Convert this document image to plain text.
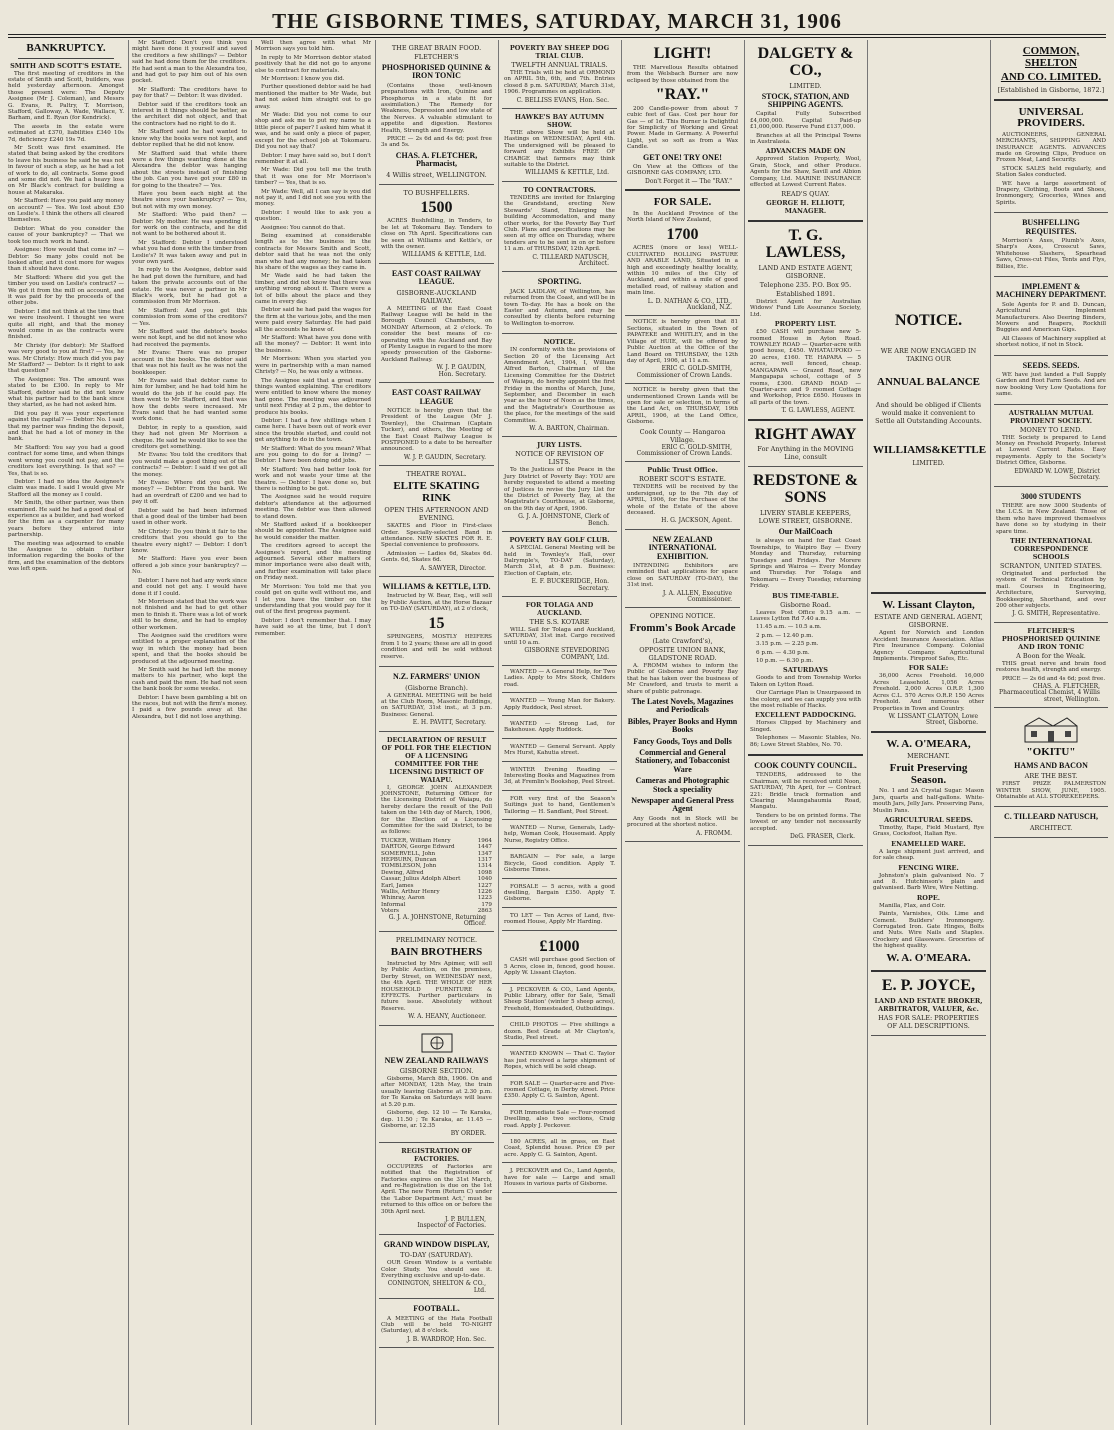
THE GISBORNE TIMES, SATURDAY, MARCH 31, 1906
BANKRUPTCY.
SMITH AND SCOTT'S ESTATE.

The first meeting of creditors in the estate of Smith and Scott, builders, was held yesterday afternoon. Amongst those present were: The Deputy Assignee (Mr J. Coleman), and Messrs G. Evans, R. Paltry, T. Morrison, Stafford, Galloway, A. Wade, Wallace, Y. Barham, and E. Ryan (for Kendrick).

The assets in the estate were estimated at £370, liabilities £340 10s 7d, deficiency £240 19s 7d.

Mr Scott was first examined. He stated that being asked by the creditors to leave his business he said he was not in favour of such a step, as he had a lot of work to do, all contracts. Some good and some did not. We had a heavy loss on Mr Black's contract for building a house at Makaraka.

Mr Stafford: Have you paid any money on account? — Yes. We lost about £50 on Leslie's. I think the others all cleared themselves.

Debtor: What do you consider the cause of your bankruptcy? — That we took too much work in hand.

Assignee: How would that come in? — Debtor: So many jobs could not be looked after, and it cost more for wages than it should have done.

Mr Stafford: Where did you get the timber you used on Leslie's contract? — We got it from the mill on account, and it was paid for by the proceeds of the other jobs.

Debtor: I did not think at the time that we were insolvent. I thought we were quite all right, and that the money would come in as the contracts were finished.

Mr Christy (for debtor): Mr Stafford was very good to you at first? — Yes, he was. Mr Christy: How much did you pay Mr Stafford? — Debtor: Is it right to ask that question?

The Assignee: Yes. The amount was stated to be £300. In reply to Mr Stafford, debtor said he did not know what his partner had to the bank since they started, as he had not asked him.

Did you pay it was your experience against the capital? — Debtor: No. I said that my partner was finding the deposit, and that he had a lot of money in the bank.

Mr Stafford: You say you had a good contract for some time, and when things went wrong you could not pay, and the creditors lost everything. Is that so? — Yes, that is so.

Debtor: I had no idea the Assignee's claim was made. I said I would give Mr Stafford all the money as I could.

Mr Smith, the other partner, was then examined. He said he had a good deal of experience as a builder, and had worked for the firm as a carpenter for many years before they entered into partnership.

The meeting was adjourned to enable the Assignee to obtain further information regarding the books of the firm, and the examination of the debtors was left open.

Mr Stafford: Don't you think you might have done it yourself and saved the creditors a few shillings? — Debtor said he had done them for the creditors. He had sent a man to the Alexandra too, and had got to pay him out of his own pocket.

Mr Stafford: The creditors have to pay for that? — Debtor: It was divided.

Debtor said if the creditors took an interest in it things should be better, as the architect did not object, and that the contractors had no right to do it.

Mr Stafford said he had wanted to know why the books were not kept, and debtor replied that he did not know.

Mr Stafford said that while there were a few things wanting done at the Alexandra the debtor was hanging about the streets instead of finishing the job. Can you have got your £80 in for going to the theatre? — Yes.

Have you been each night at the theatre since your bankruptcy? — Yes, but not with my own money.

Mr Stafford: Who paid then? — Debtor: My mother. He was spending it for work on the contracts, and he did not want to be bothered about it.

Mr Stafford: Debtor I understood what you had done with the timber from Leslie's? It was taken away and put in your own yard.

In reply to the Assignee, debtor said he had put down the furniture, and had taken the private accounts out of the estate. He was never a partner in Mr Black's work, but he had got a commission from Mr Morrison.

Mr Stafford: And you got this commission from some of the creditors? — Yes.

Mr Stafford said the debtor's books were not kept, and he did not know who had received the payments.

Mr Evans: There was no proper account in the books. The debtor said that was not his fault as he was not the bookkeeper.

Mr Evans said that debtor came to him for lumber, and he had told him he would do the job if he could pay. He then went to Mr Stafford, and that was how the debts were increased. Mr Evans said that he had wanted some work done.

Debtor, in reply to a question, said they had not given Mr Morrison a cheque. He said he would like to see the creditors get something.

Mr Evans: You told the creditors that you would make a good thing out of the contracts? — Debtor: I said if we got all the money.

Mr Evans: Where did you get the money? — Debtor: From the bank. We had an overdraft of £200 and we had to pay it off.

Debtor said he had been informed that a good deal of the timber had been used in other work.

Mr Christy: Do you think it fair to the creditors that you should go to the theatre every night? — Debtor: I don't know.

Mr Stafford: Have you ever been offered a job since your bankruptcy? — No.

Debtor: I have not had any work since and could not get any. I would have done it if I could.

Mr Morrison stated that the work was not finished and he had to get other men to finish it. There was a lot of work still to be done, and he had to employ other workmen.

The Assignee said the creditors were entitled to a proper explanation of the way in which the money had been spent, and that the books should be produced at the adjourned meeting.

Mr Smith said he had left the money matters to his partner, who kept the cash and paid the men. He had not seen the bank book for some weeks.

Debtor: I have been gambling a bit on the races, but not with the firm's money. I paid a few pounds away at the Alexandra, but I did not lose anything.

Well then agree with what Mr Morrison says you told him.

In reply to Mr Morrison debtor stated positively that he did not go to anyone else to contract for materials.

Mr Morrison: I know you did.

Further questioned debtor said he had mentioned the matter to Mr Wade, but had not asked him straight out to go away.

Mr Wade: Did you not come to our shop and ask me to put my name to a little piece of paper? I asked him what it was, and he said only a piece of paper, except for the school job at Tokomaru. Did you not say that?

Debtor: I may have said so, but I don't remember it at all.

Mr Wade: Did you tell me the truth that it was one for Mr Morrison's timber? — Yes, that is so.

Mr Wade: Well, all I can say is you did not pay it, and I did not see you with the money.

Debtor: I would like to ask you a question.

Assignee: You cannot do that.

Being examined at considerable length as to the business in the contracts for Messrs Smith and Scott, debtor said that he was not the only man who had any money; he had taken his share of the wages as they came in.

Mr Wade said he had taken the timber, and did not know that there was anything wrong about it. There were a lot of bills about the place and they came in every day.

Debtor said he had paid the wages for the firm at the various jobs, and the men were paid every Saturday. He had paid all the accounts he knew of.

Mr Stafford: What have you done with all the money? — Debtor: It went into the business.

Mr Morrison: When you started you were in partnership with a man named Christy? — No, he was only a witness.

The Assignee said that a great many things wanted explaining. The creditors were entitled to know where the money had gone. The meeting was adjourned until next Friday at 2 p.m., the debtor to produce his books.

Debtor: I had a few shillings when I came here. I have been out of work ever since the trouble started, and could not get anything to do in the town.

Mr Stafford: What do you mean? What are you going to do for a living? — Debtor: I have been doing odd jobs.

Mr Stafford: You had better look for work and not waste your time at the theatre. — Debtor: I have done so, but there is nothing to be got.

The Assignee said he would require debtor's attendance at the adjourned meeting. The debtor was then allowed to stand down.

Mr Stafford asked if a bookkeeper should be appointed. The Assignee said he would consider the matter.

The creditors agreed to accept the Assignee's report, and the meeting adjourned. Several other matters of minor importance were also dealt with, and further examination will take place on Friday next.

Mr Morrison: You told me that you could get on quite well without me, and I let you have the timber on the understanding that you would pay for it out of the first progress payment.

Debtor: I don't remember that. I may have said so at the time, but I don't remember.

THE GREAT BRAIN FOOD.
FLETCHER'S
PHOSPHORISED QUININE & IRON TONIC

(Contains those well-known preparations with Iron, Quinine and Phosphorus in a state fit for assimilation.) The Remedy for Weakness, Depression and low state of the Nerves. A valuable stimulant to appetite and digestion. Restores Health, Strength and Energy.

PRICE — 2s 6d and 4s 6d; post free 3s and 5s.

CHAS. A. FLETCHER, Pharmacist,
4 Willis street, WELLINGTON.
TO BUSHFELLERS.
1500

ACRES Bushfelling, in Tenders, to be let at Tokomaru Bay. Tenders to close on 7th April. Specifications can be seen at Williams and Kettle's, or with the owner.

WILLIAMS & KETTLE, Ltd.
EAST COAST RAILWAY LEAGUE.
GISBORNE-AUCKLAND RAILWAY.

A MEETING of the East Coast Railway League will be held in the Borough Council Chambers, on MONDAY Afternoon, at 2 o'clock. To consider the best means of co-operating with the Auckland and Bay of Plenty League in regard to the more speedy prosecution of the Gisborne-Auckland Railway.

W. J. P. GAUDIN,
Hon. Secretary.
EAST COAST RAILWAY LEAGUE

NOTICE is hereby given that the President of the League (Mr J. Townley), the Chairman (Captain Tucker), and others, the Meeting of the East Coast Railway League is POSTPONED to a date to be hereafter announced.

W. J. P. GAUDIN, Secretary.
THEATRE ROYAL.
ELITE SKATING RINK
OPEN THIS AFTERNOON AND EVENING.

SKATES and Floor in First-class Order. Specially-selected Band in attendance. NEW SKATES FOR R. E. Special convenience to professors.

Admission — Ladies 6d, Skates 6d. Gents. 6d, Skates 6d.

A. SAWYER, Director.
WILLIAMS & KETTLE, LTD.

Instructed by W. Bear, Esq., will sell by Public Auction, at the Horse Bazaar on TO-DAY (SATURDAY), at 2 o'clock,

15

SPRINGERS, MOSTLY HEIFERS from 1 to 2 years; these are all in good condition and will be sold without reserve.

N.Z. FARMERS' UNION
(Gisborne Branch).

A GENERAL MEETING will be held at the Club Room, Masonic Buildings, on SATURDAY, 31st inst., at 3 p.m. Business: General.

E. H. PAVITT, Secretary.
DECLARATION OF RESULT OF POLL FOR THE ELECTION OF A LICENSING COMMITTEE FOR THE LICENSING DISTRICT OF WAIAPU.

I, GEORGE JOHN ALEXANDER JOHNSTONE, Returning Officer for the Licensing District of Waiapu, do hereby declare the result of the Poll taken on the 14th day of March, 1906, for the Election of a Licensing Committee for the said District, to be as follows:

TUCKER, William Henry	1964
DARTON, George Edward	1447
SOMERVELL, John	1347
HEPBURN, Duncan	1317
TOMBLESON, John	1314
Dewing, Alfred	1098
Cassar, Julius Adolph Albert	1040
Earl, James	1227
Wallis, Arthur Henry	1226
Whinray, Aaron	1223
Informal	179
Voters	2863
G. J. A. JOHNSTONE, Returning Officer.
PRELIMINARY NOTICE.
BAIN BROTHERS

Instructed by Mrs Apimer, will sell by Public Auction, on the premises, Derby Street, on WEDNESDAY next, the 4th April. THE WHOLE OF HER HOUSEHOLD FURNITURE & EFFECTS. Further particulars in future issue. Absolutely without Reserve.

W. A. HEANY, Auctioneer.
NEW ZEALAND RAILWAYS
GISBORNE SECTION.

Gisborne, March 8th, 1906. On and after MONDAY, 12th May, the train usually leaving Gisborne at 2.30 p.m. for Te Karaka on Saturdays will leave at 5.20 p.m.

Gisborne, dep. 12 10 — Te Karaka, dep. 11.50 ; Te Karaka, ar. 11.45 — Gisborne, ar. 12.35

BY ORDER.
REGISTRATION OF FACTORIES.

OCCUPIERS of Factories are notified that the Registration of Factories expires on the 31st March, and re-Registration is due on the 1st April. The new Form (Return C) under the 'Labor Department Act,' must be returned to this office on or before the 30th April next.

J. P. BULLEN,
Inspector of Factories.
GRAND WINDOW DISPLAY,
TO-DAY (SATURDAY).

OUR Green Window is a veritable Color Study. You should see it. Everything exclusive and up-to-date.

CONINGTON, SHELTON & CO., Ltd.
FOOTBALL.

A MEETING of the Hata Football Club will be held TO-NIGHT (Saturday), at 8 o'clock.

J. B. WARDROP, Hon. Sec.
POVERTY BAY SHEEP DOG TRIAL CLUB.
TWELFTH ANNUAL TRIALS.

THE Trials will be held at ORMOND on APRIL 5th, 6th, and 7th. Entries closed 8 p.m. SATURDAY, March 31st, 1906. Programmes on application.

C. BELLISS EVANS, Hon. Sec.
HAWKE'S BAY AUTUMN SHOW.

THE above Show will be held at Hastings on WEDNESDAY, April 4th. The undersigned will be pleased to forward any Exhibits FREE OF CHARGE that farmers may think suitable to the District.

WILLIAMS & KETTLE, Ltd.
TO CONTRACTORS.

TENDERS are invited for Enlarging the Grandstand, erecting New Stewards' Stand, Enlarging the building Accommodation, and many other works, for the Poverty Bay Turf Club. Plans and specifications may be seen at my office on Thursday, where tenders are to be sent in on or before 11 a.m. of THURSDAY, 12th April.

C. TILLEARD NATUSCH, Architect.
SPORTING.

JACK LAIDLAW, of Wellington, has returned from the Coast, and will be in town To-day. He has a book on the Easter and Autumn, and may be consulted by clients before returning to Wellington to-morrow.

NOTICE.

IN conformity with the provisions of Section 20 of the Licensing Act Amendment Act, 1904, I, William Alfred Barton, Chairman of the Licensing Committee for the District of Waiapu, do hereby appoint the first Friday in the months of March, June, September, and December in each year as the hour of Noon as the times, and the Magistrate's Courthouse as the place, for the meetings of the said Committee.

W. A. BARTON, Chairman.
JURY LISTS.
NOTICE OF REVISION OF LISTS.

To the Justices of the Peace in the Jury District of Poverty Bay: YOU are hereby requested to attend a meeting of Justices to revise the Jury List for the District of Poverty Bay, at the Magistrate's Courthouse, at Gisborne, on the 9th day of April, 1906.

G. J. A. JOHNSTONE, Clerk of Bench.
POVERTY BAY GOLF CLUB.

A SPECIAL General Meeting will be held in Townley's Hall, over Dalrymple's, TO-DAY (Saturday), March 31st, at 8 p.m. Business: Election of Captain, etc.

E. F. BUCKERIDGE, Hon. Secretary.
FOR TOLAGA AND AUCKLAND.
THE S.S. KOTARE

WILL Sail for Tolaga and Auckland, SATURDAY, 31st inst. Cargo received until 10 a.m.

GISBORNE STEVEDORING COMPANY, Ltd.

WANTED — A General Help, for Two Ladies. Apply to Mrs Stock, Childers road.

WANTED — Young Man for Bakery. Apply Ruddock, Peel street.

WANTED — Strong Lad, for Bakehouse. Apply Ruddock.

WANTED — General Servant. Apply Mrs Hurst, Kahutia street.

WINTER Evening Reading — Interesting Books and Magazines from 3d, at Fremlin's Bookshop, Peel Street.

FOR very first of the Season's Suitings just to hand, Gentlemen's Tailoring — H. Sandlant, Peel Street.

WANTED — Nurse, Generals, Lady-help, Woman Cook, Housemaid. Apply Nurse, Registry Office.

BARGAIN — For sale, a large Bicycle, Good condition. Apply T. Gisborne Times.

FORSALE — 5 acres, with a good dwelling, Bargain £350. Apply T. Gisborne.

TO LET — Ten Acres of Land, five-roomed House, Apply Mr Harding.

£1000

CASH will purchase good Section of 5 Acres, close in, fenced, good house. Apply W. Lissant Clayton.

J. PECKOVER & CO., Land Agents, Public Library, offer for Sale, 'Small Sheep Station' (winter 5 sheep acres), Freehold, Homesteaded, Outbuildings.

CHILD PHOTOS — Five shillings a dozen. Best Grade at Mr Clayton's, Studio, Peel street.

WANTED KNOWN — That C. Taylor has just received a large shipment of Ropes, which will be sold cheap.

FOR SALE — Quarter-acre and Five-roomed Cottage, in Derby street. Price £350. Apply C. G. Sainton, Agent.

FOR Immediate Sale — Four-roomed Dwelling, also two sections, Craig road. Apply J. Peckover.

180 ACRES, all in grass, on East Coast, Splendid house. Price £9 per acre. Apply C. G. Sainton, Agent.

J. PECKOVER and Co., Land Agents, have for sale — Large and small Houses in various parts of Gisborne.

LIGHT!

THE Marvellous Results obtained from the Welsbach Burner are now eclipsed by those obtained from the

"RAY."

200 Candle-power from about 7 cubic feet of Gas. Cost per hour for Gas — of 1d. This Burner is Delightful for Simplicity of Working and Great Power. Made in Germany. A Powerful Light, yet so soft as from a Wax Candle.

GET ONE! TRY ONE!

On View at the Offices of the GISBORNE GAS COMPANY, LTD.

Don't Forget it — The "RAY."
FOR SALE.

In the Auckland Province of the North Island of New Zealand,

1700

ACRES (more or less) WELL-CULTIVATED ROLLING PASTURE AND ARABLE LAND, Situated in a high and exceedingly healthy locality, within 10 miles of the City of Auckland, and within a mile of good metalled road, of railway station and main line.

L. D. NATHAN & CO., LTD., Auckland, N.Z.

NOTICE is hereby given that 81 Sections, situated in the Town of PAPATEKE and WHITLEY, and in the Village of HUIE, will be offered by Public Auction at the Office of the Land Board on THURSDAY, the 12th day of April, 1906, at 11 a.m.

ERIC C. GOLD-SMITH, Commissioner of Crown Lands.

NOTICE is hereby given that the undermentioned Crown Lands will be open for sale or selection, in terms of the Land Act, on THURSDAY, 19th APRIL, 1906, at the Land Office, Gisborne.

Cook County — Hangaroa Village.
ERIC C. GOLD-SMITH, Commissioner of Crown Lands.
Public Trust Office.
ROBERT SCOT'S ESTATE.

TENDERS will be received by the undersigned, up to the 7th day of APRIL, 1906, for the Purchase of the whole of the Estate of the above deceased.

H. G. JACKSON, Agent.
NEW ZEALAND INTERNATIONAL EXHIBITION.

INTENDING Exhibitors are reminded that applications for space close on SATURDAY (TO-DAY), the 31st inst.

J. A. ALLEN, Executive Commissioner.
OPENING NOTICE.
Fromm's Book Arcade
(Late Crawford's),
OPPOSITE UNION BANK, GLADSTONE ROAD.

A. FROMM wishes to inform the Public of Gisborne and Poverty Bay that he has taken over the business of Mr Crawford, and trusts to merit a share of public patronage.

The Latest Novels, Magazines and Periodicals
Bibles, Prayer Books and Hymn Books
Fancy Goods, Toys and Dolls
Commercial and General Stationery, and Tobacconist Ware
Cameras and Photographic Stock a speciality
Newspaper and General Press Agent

Any Goods not in Stock will be procured at the shortest notice.

A. FROMM.
DALGETY & CO.,
LIMITED.
STOCK, STATION, AND SHIPPING AGENTS.

Capital Fully Subscribed £4,000,000. Capital Paid-up £1,000,000. Reserve Fund £137,000.

Branches at all the Principal Towns in Australasia.

ADVANCES MADE ON

Approved Station Property, Wool, Grain, Stock, and other Produce. Agents for the Shaw, Savill and Albion Company, Ltd. MARINE INSURANCE effected at Lowest Current Rates.

READ'S QUAY.
GEORGE H. ELLIOTT, MANAGER.
T. G. LAWLESS,
LAND AND ESTATE AGENT, GISBORNE.
Telephone 235. P.O. Box 95.
Established 1891.

District Agent for Australian Widows' Fund Life Assurance Society, Ltd.

PROPERTY LIST.

£50 CASH will purchase new 5-roomed House in Ayton Road. TOWNLEY ROAD — Quarter-acre with good house, £450. WHATAUPOKO — 20 acres, £160. TE HAPARA — 5 acres, well fenced, cheap. MANGAPAPA — Grazed Road, new Mangapapa school, cottage of 5 rooms, £300. GRAND ROAD — Quarter-acre and 9 roomed Cottage and Workshop, Price £650. Houses in all parts of the town.

T. G. LAWLESS, AGENT.
RIGHT AWAY
For Anything in the MOVING Line, consult
REDSTONE & SONS
LIVERY STABLE KEEPERS, LOWE STREET, GISBORNE.
Our MailCoach

is always on hand for East Coast Townships, to Waipiro Bay — Every Monday and Thursday, returning Tuesdays and Fridays. For Morere Springs and Wairoa — Every Monday and Thursday. For Tolaga and Tokomaru — Every Tuesday, returning Friday.

BUS TIME-TABLE.
Gisborne Road.

Leaves Post Office 9.15 a.m. — Leaves Lytton Rd 7.40 a.m.

11.45 a.m. — 10.5 a.m.

2 p.m. — 12.40 p.m.

3.15 p.m. — 2.25 p.m.

6 p.m. — 4.30 p.m.

10 p.m. — 6.30 p.m.

SATURDAYS

Goods to and from Township Works Taken on Lytton Road.

Our Carriage Plan is Unsurpassed in the colony, and we can supply you with the most reliable of Hacks.

EXCELLENT PADDOCKING.

Horses Clipped by Machinery and Singed.

Telephones — Masonic Stables, No. 86; Lowe Street Stables, No. 70.

COOK COUNTY COUNCIL.

TENDERS, addressed to the Chairman, will be received until Noon, SATURDAY, 7th April, for — Contract 221: Bridle track formation and Clearing Maungahaumia Road, Mangatu.

Tenders to be on printed forms. The lowest or any tender not necessarily accepted.

DeG. FRASER, Clerk.
NOTICE.
WE ARE NOW ENGAGED IN TAKING OUR
ANNUAL BALANCE
And should be obliged if Clients would make it convenient to Settle all Outstanding Accounts.
WILLIAMS&KETTLE
LIMITED.
W. Lissant Clayton,
ESTATE AND GENERAL AGENT, GISBORNE.

Agent for Norwich and London Accident Insurance Association. Atlas Fire Insurance Company. Colonial Agency Company. Agricultural Implements. Fireproof Safes, Etc.

FOR SALE:

36,000 Acres Freehold. 16,000 Acres Leasehold. 1,056 Acres Freehold. 2,000 Acres O.R.P. 1,300 Acres C.L. 570 Acres O.R.P. 150 Acres Freehold. And numerous other Properties in Town and Country.

W. LISSANT CLAYTON, Lowe Street, Gisborne.
W. A. O'MEARA,
MERCHANT.
Fruit Preserving Season.

No. 1 and 2A Crystal Sugar. Mason Jars, quarts and half-gallons. White-mouth Jars, Jelly Jars. Preserving Pans, Muslin Pans.

AGRICULTURAL SEEDS.

Timothy, Rape, Field Mustard, Rye Grass, Cocksfoot, Italian Rye.

ENAMELLED WARE.

A large shipment just arrived, and for sale cheap.

FENCING WIRE.

Johnston's plain galvanised No. 7 and 8. Hutchinson's plain and galvanised. Barb Wire, Wire Netting.

ROPE.

Manilla, Flax, and Coir.

Paints, Varnishes, Oils. Lime and Cement. Builders' Ironmongery. Corrugated Iron. Gate Hinges, Bolts and Nuts. Wire Nails and Staples. Crockery and Glassware. Groceries of the highest quality.

W. A. O'MEARA.
E. P. JOYCE,
LAND AND ESTATE BROKER, ARBITRATOR, VALUER, &c.
HAS FOR SALE: PROPERTIES OF ALL DESCRIPTIONS.
COMMON, SHELTON
AND CO. LIMITED.
[Established in Gisborne, 1872.]
UNIVERSAL PROVIDERS.

AUCTIONEERS, GENERAL MERCHANTS, SHIPPING AND INSURANCE AGENTS. ADVANCES made on Growing Clips, Produce on Frozen Meat, Land Security.

STOCK SALES held regularly, and Station Sales conducted.

WE have a large assortment of Drapery, Clothing, Boots and Shoes, Ironmongery, Groceries, Wines and Spirits.

BUSHFELLING REQUISITES.

Morrison's Axes, Plumb's Axes, Sharp's Axes, Crosscut Saws, Whitehouse Slashers, Spearhead Saws, Cross-cut Files, Tents and Flys, Billies, Etc.

IMPLEMENT & MACHINERY DEPARTMENT.

Sole Agents for P. and D. Duncan, Agricultural Implement Manufacturers. Also Deering Binders, Mowers and Reapers, Rockhill Buggies and American Gigs.

All Classes of Machinery supplied at shortest notice, if not in Stock.

SEEDS. SEEDS.

WE have just landed a Full Supply Garden and Root Farm Seeds. And are now booking Very Low Quotations for same.

AUSTRALIAN MUTUAL PROVIDENT SOCIETY.
MONEY TO LEND.

THE Society is prepared to Lend Money on Freehold Property. Interest at Lowest Current Rates. Easy repayments. Apply to the Society's District Office, Gisborne.

EDWARD W. LOWE, District Secretary.
3000 STUDENTS

THERE are now 3000 Students of the I.C.S. in New Zealand. Those of them who have improved themselves have done so by studying in their spare time.

THE INTERNATIONAL CORRESPONDENCE SCHOOLS
SCRANTON, UNITED STATES.

Originated and perfected the system of Technical Education by mail. Courses in Engineering, Architecture, Surveying, Bookkeeping, Shorthand, and over 200 other subjects.

J. G. SMITH, Representative.
FLETCHER'S PHOSPHORISED QUININE AND IRON TONIC
A Boon for the Weak.

THIS great nerve and brain food restores health, strength and energy.

PRICE — 2s 6d and 4s 6d; post free.

CHAS. A. FLETCHER, Pharmaceutical Chemist, 4 Willis street, Wellington.
"OKITU"
HAMS AND BACON
ARE THE BEST.

FIRST PRIZE PALMERSTON WINTER SHOW, JUNE, 1905. Obtainable at ALL STOREKEEPERS.

C. TILLEARD NATUSCH,
ARCHITECT.
